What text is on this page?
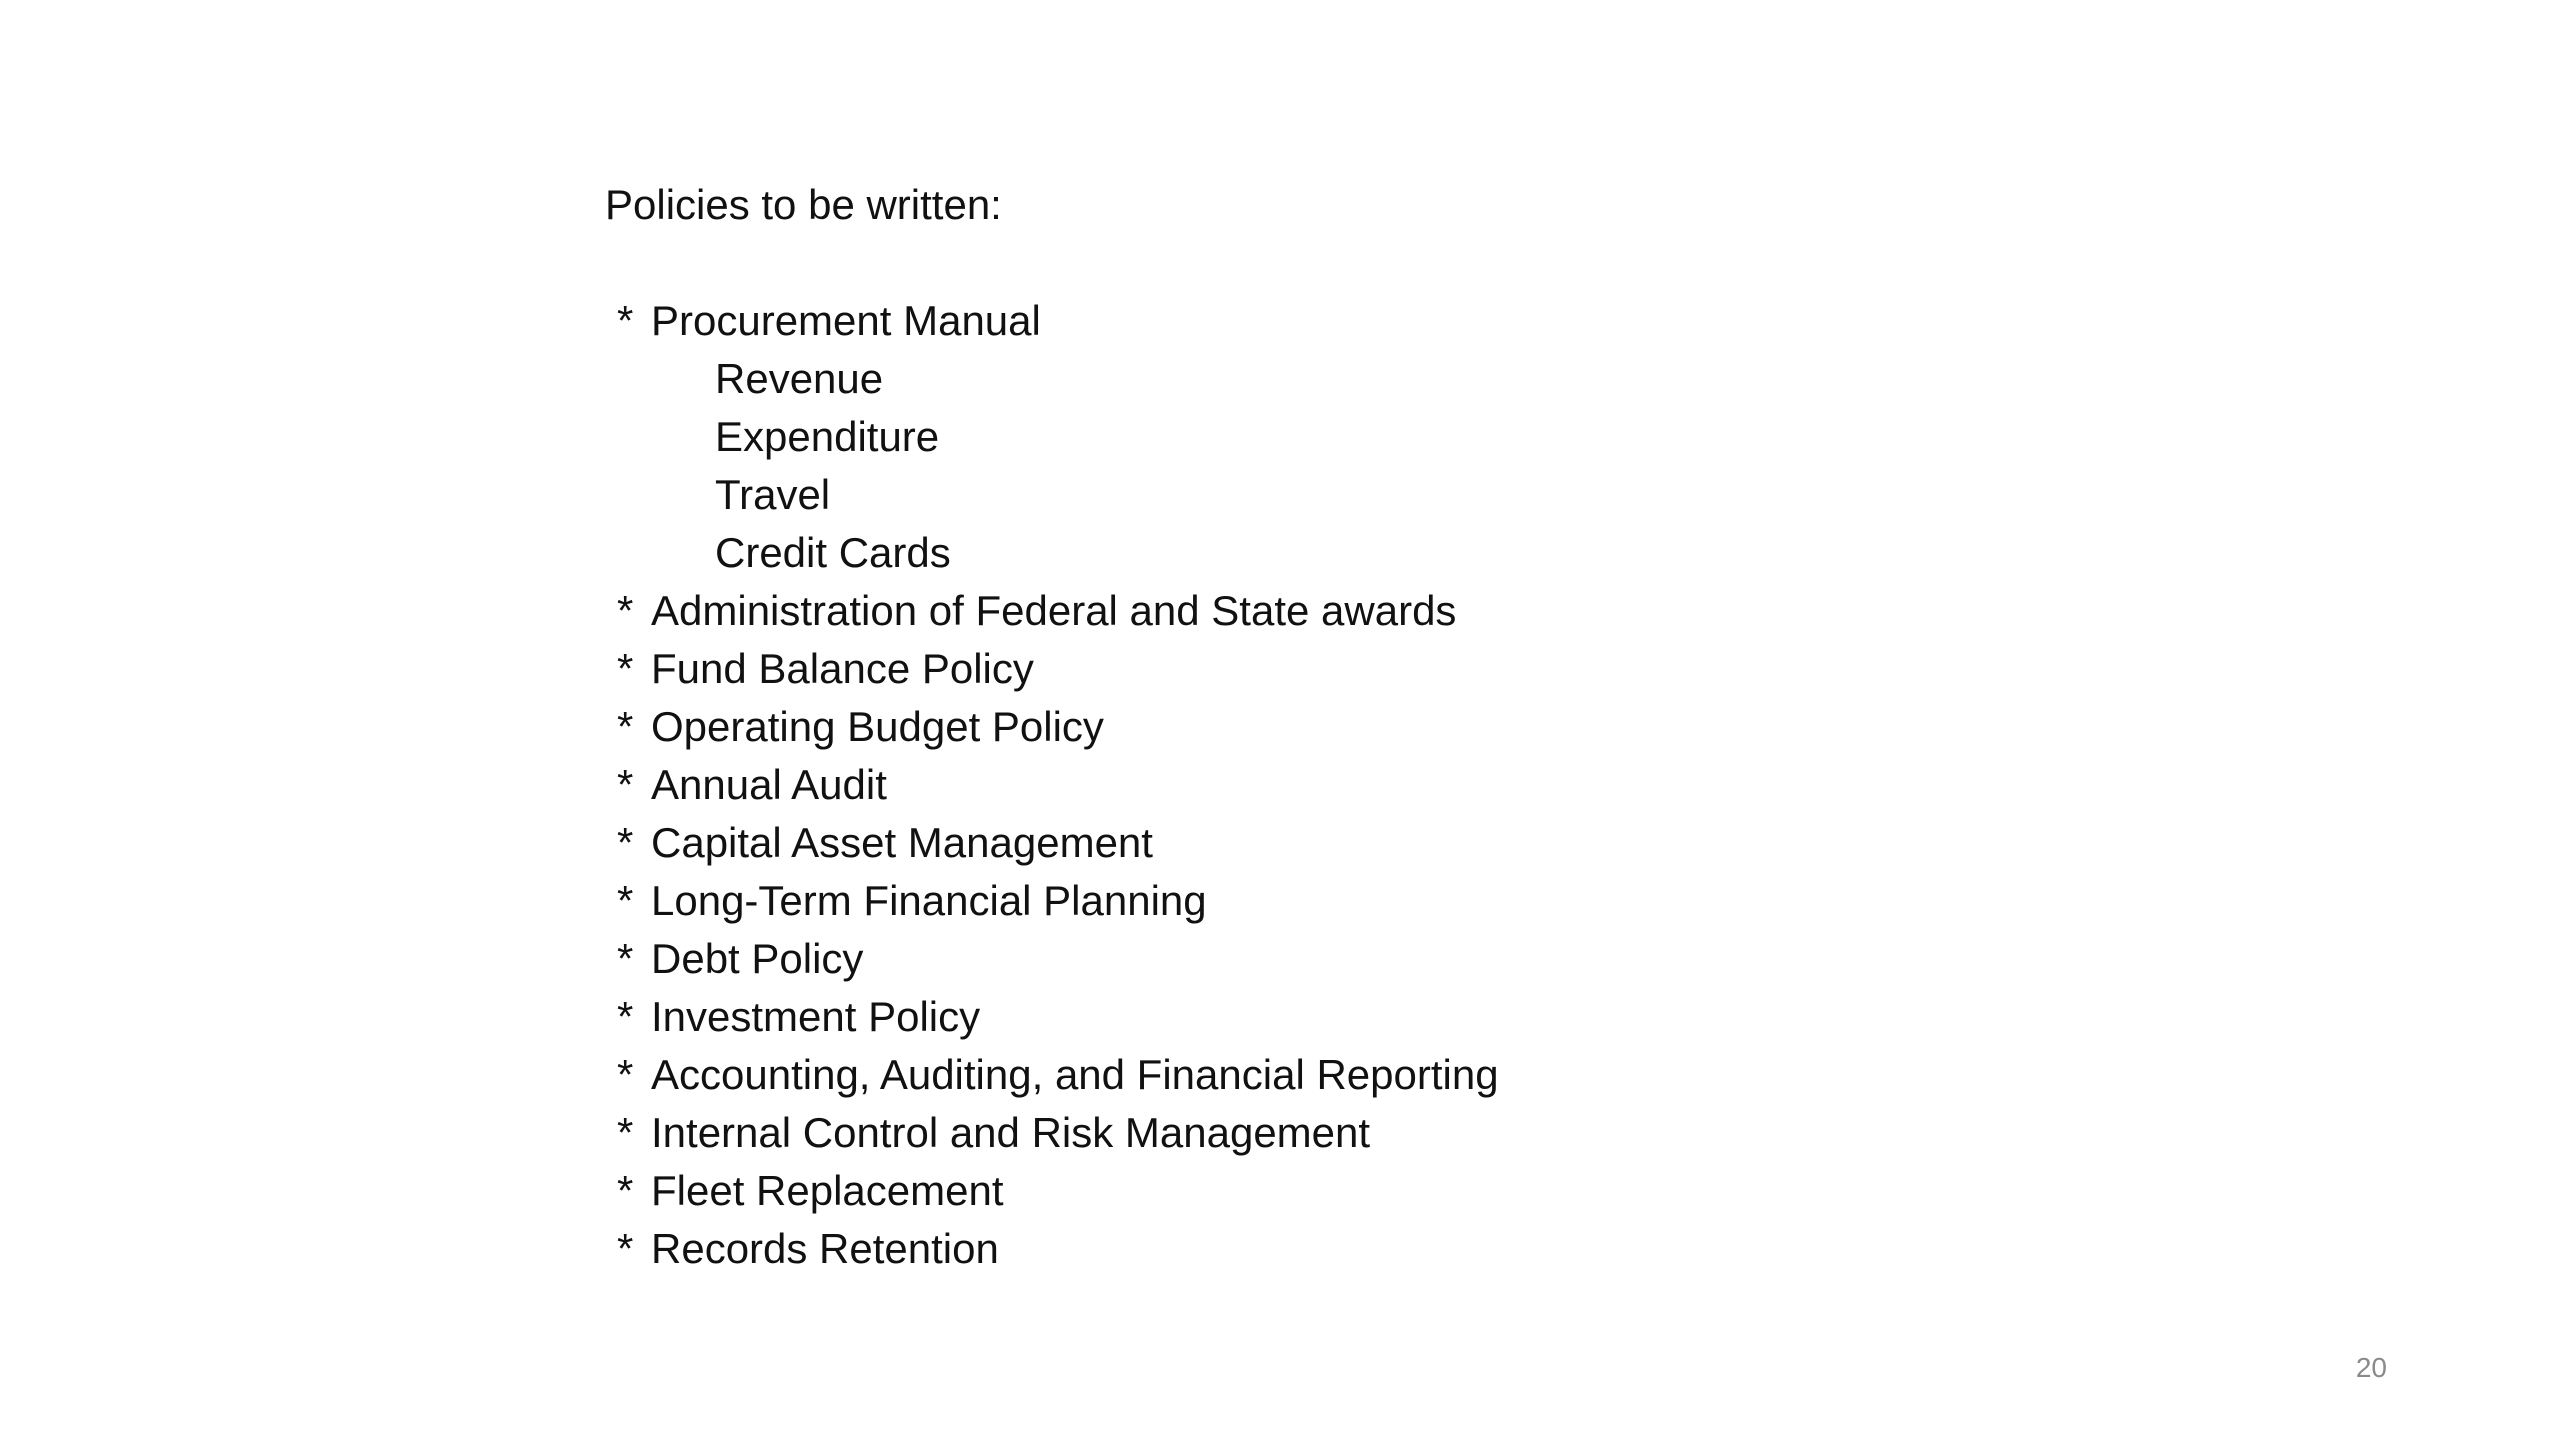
Policies to be written:

* Procurement Manual
Revenue
Expenditure
Travel
Credit Cards
* Administration of Federal and State awards
* Fund Balance Policy
* Operating Budget Policy
* Annual Audit
* Capital Asset Management
* Long-Term Financial Planning
* Debt Policy
* Investment Policy
* Accounting, Auditing, and Financial Reporting
* Internal Control and Risk Management
* Fleet Replacement
* Records Retention
20
